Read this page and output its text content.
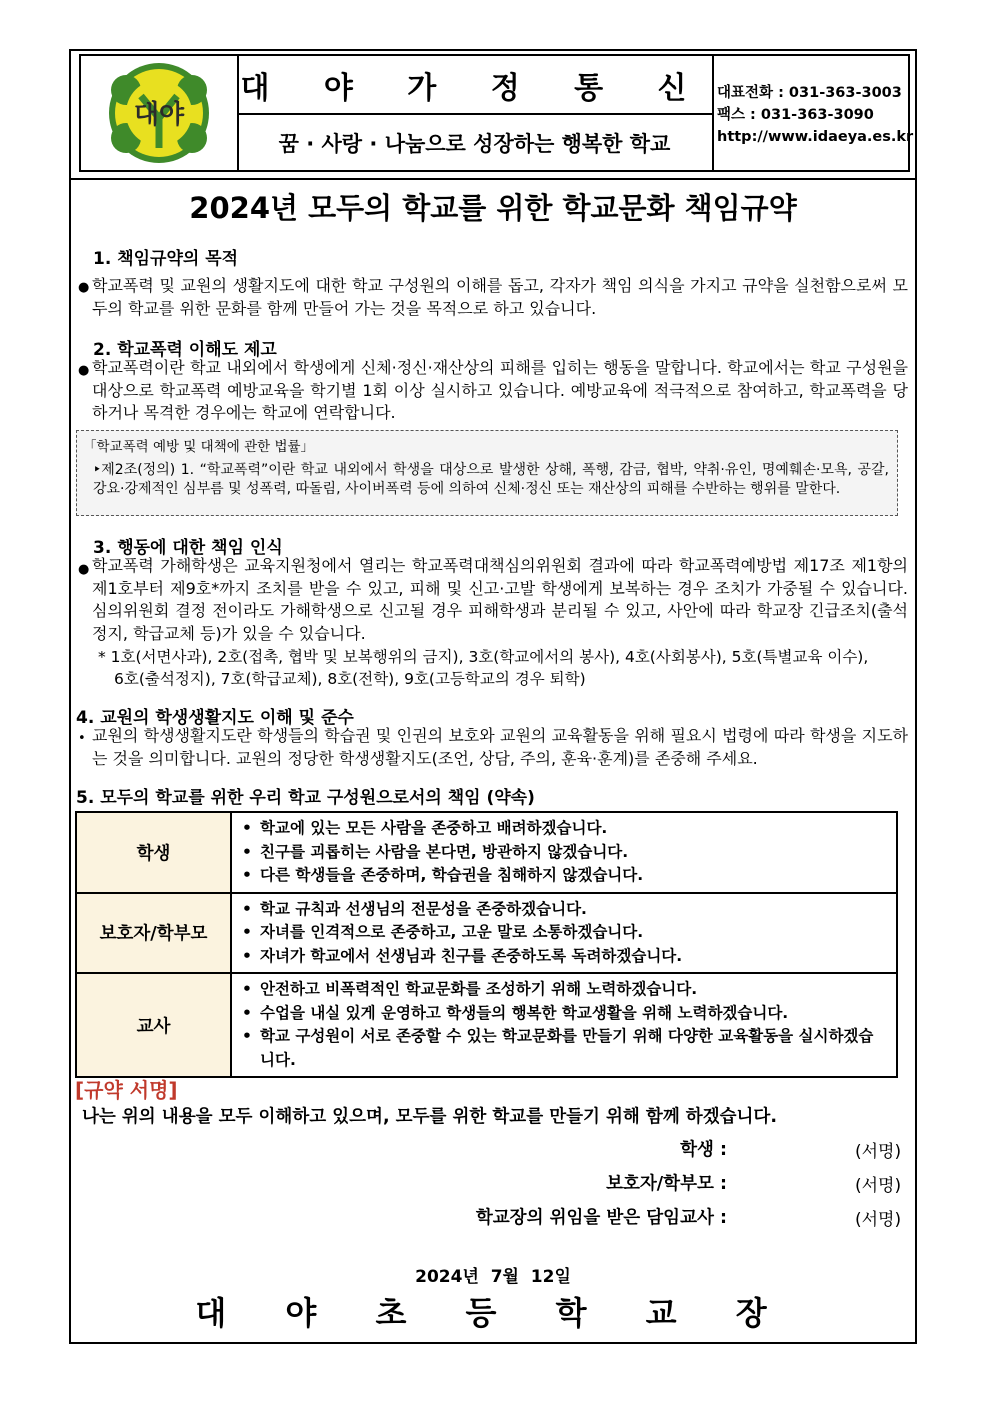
대야
대 야 가 정 통 신
꿈 · 사랑 · 나눔으로 성장하는 행복한 학교
대표전화 : 031-363-3003
팩스 : 031-363-3090
http://www.idaeya.es.kr
2024년 모두의 학교를 위한 학교문화 책임규약
1. 책임규약의 목적
● 학교폭력 및 교원의 생활지도에 대한 학교 구성원의 이해를 돕고, 각자가 책임 의식을 가지고 규약을 실천함으로써 모두의 학교를 위한 문화를 함께 만들어 가는 것을 목적으로 하고 있습니다.
2. 학교폭력 이해도 제고
● 학교폭력이란 학교 내외에서 학생에게 신체·정신·재산상의 피해를 입히는 행동을 말합니다. 학교에서는 학교 구성원을 대상으로 학교폭력 예방교육을 학기별 1회 이상 실시하고 있습니다. 예방교육에 적극적으로 참여하고, 학교폭력을 당하거나 목격한 경우에는 학교에 연락합니다.
「학교폭력 예방 및 대책에 관한 법률」
‣제2조(정의) 1. “학교폭력”이란 학교 내외에서 학생을 대상으로 발생한 상해, 폭행, 감금, 협박, 약취·유인, 명예훼손·모욕, 공갈, 강요·강제적인 심부름 및 성폭력, 따돌림, 사이버폭력 등에 의하여 신체·정신 또는 재산상의 피해를 수반하는 행위를 말한다.
3. 행동에 대한 책임 인식
● 학교폭력 가해학생은 교육지원청에서 열리는 학교폭력대책심의위원회 결과에 따라 학교폭력예방법 제17조 제1항의 제1호부터 제9호*까지 조치를 받을 수 있고, 피해 및 신고·고발 학생에게 보복하는 경우 조치가 가중될 수 있습니다. 심의위원회 결정 전이라도 가해학생으로 신고될 경우 피해학생과 분리될 수 있고, 사안에 따라 학교장 긴급조치(출석정지, 학급교체 등)가 있을 수 있습니다.
* 1호(서면사과), 2호(접촉, 협박 및 보복행위의 금지), 3호(학교에서의 봉사), 4호(사회봉사), 5호(특별교육 이수),
6호(출석정지), 7호(학급교체), 8호(전학), 9호(고등학교의 경우 퇴학)
4. 교원의 학생생활지도 이해 및 준수
• 교원의 학생생활지도란 학생들의 학습권 및 인권의 보호와 교원의 교육활동을 위해 필요시 법령에 따라 학생을 지도하는 것을 의미합니다. 교원의 정당한 학생생활지도(조언, 상담, 주의, 훈육·훈계)를 존중해 주세요.
5. 모두의 학교를 위한 우리 학교 구성원으로서의 책임 (약속)
학생	• 학교에 있는 모든 사람을 존중하고 배려하겠습니다.
• 친구를 괴롭히는 사람을 본다면, 방관하지 않겠습니다.
• 다른 학생들을 존중하며, 학습권을 침해하지 않겠습니다.

보호자/학부모	• 학교 규칙과 선생님의 전문성을 존중하겠습니다.
• 자녀를 인격적으로 존중하고, 고운 말로 소통하겠습니다.
• 자녀가 학교에서 선생님과 친구를 존중하도록 독려하겠습니다.

교사	• 안전하고 비폭력적인 학교문화를 조성하기 위해 노력하겠습니다.
• 수업을 내실 있게 운영하고 학생들의 행복한 학교생활을 위해 노력하겠습니다.
• 학교 구성원이 서로 존중할 수 있는 학교문화를 만들기 위해 다양한 교육활동을 실시하겠습니다.
[규약 서명]
나는 위의 내용을 모두 이해하고 있으며, 모두를 위한 학교를 만들기 위해 함께 하겠습니다.
학생 :	(서명)
보호자/학부모 :	(서명)
학교장의 위임을 받은 담임교사 :	(서명)
2024년  7월  12일
대 야 초 등 학 교 장
